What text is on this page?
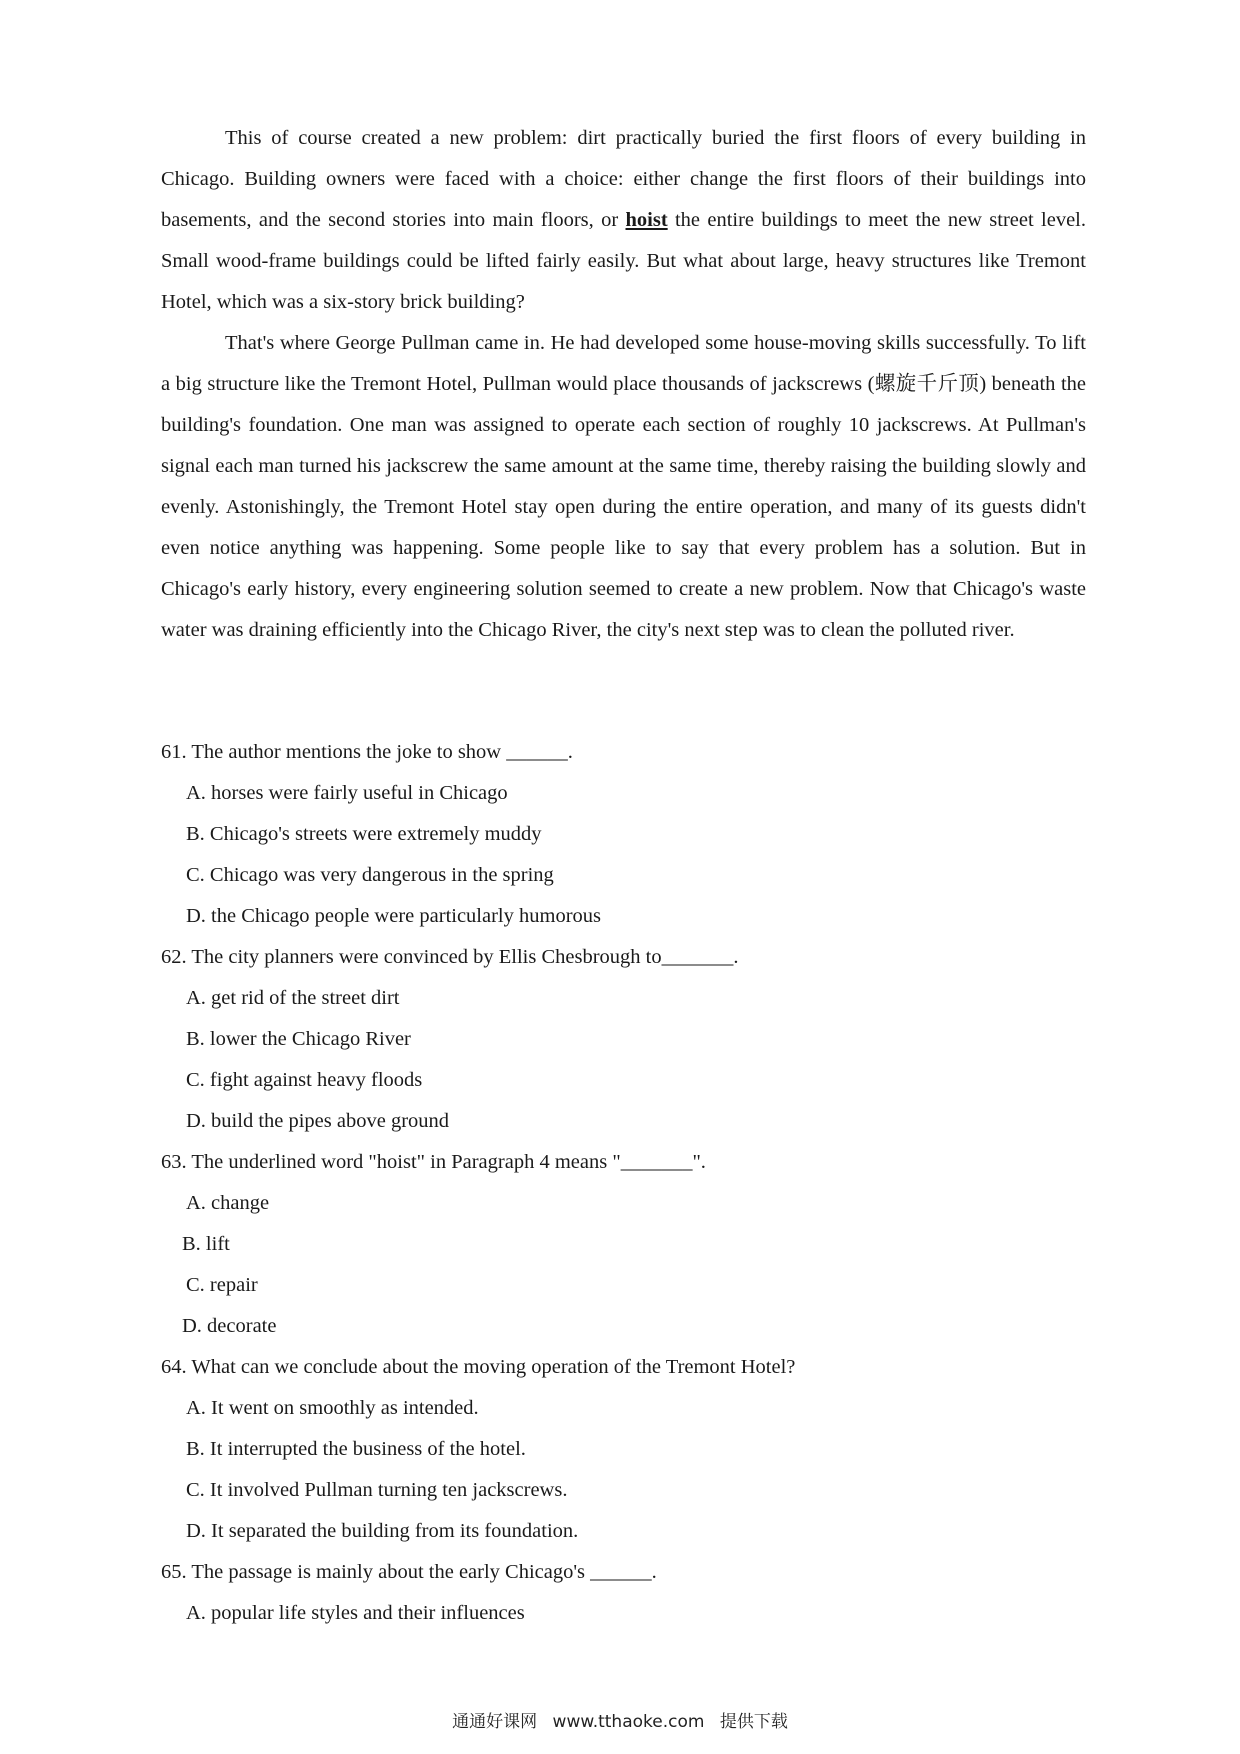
This of course created a new problem: dirt practically buried the first floors of every building in Chicago. Building owners were faced with a choice: either change the first floors of their buildings into basements, and the second stories into main floors, or hoist the entire buildings to meet the new street level. Small wood-frame buildings could be lifted fairly easily. But what about large, heavy structures like Tremont Hotel, which was a six-story brick building?

That's where George Pullman came in. He had developed some house-moving skills successfully. To lift a big structure like the Tremont Hotel, Pullman would place thousands of jackscrews (螺旋千斤顶) beneath the building's foundation. One man was assigned to operate each section of roughly 10 jackscrews. At Pullman's signal each man turned his jackscrew the same amount at the same time, thereby raising the building slowly and evenly. Astonishingly, the Tremont Hotel stay open during the entire operation, and many of its guests didn't even notice anything was happening. Some people like to say that every problem has a solution. But in Chicago's early history, every engineering solution seemed to create a new problem. Now that Chicago's waste water was draining efficiently into the Chicago River, the city's next step was to clean the polluted river.

61. The author mentions the joke to show ______.

A. horses were fairly useful in Chicago

B. Chicago's streets were extremely muddy

C. Chicago was very dangerous in the spring

D. the Chicago people were particularly humorous

62. The city planners were convinced by Ellis Chesbrough to_______.

A. get rid of the street dirt

B. lower the Chicago River

C. fight against heavy floods

D. build the pipes above ground

63. The underlined word "hoist" in Paragraph 4 means "_______".

A. change

B. lift

C. repair

D. decorate

64. What can we conclude about the moving operation of the Tremont Hotel?

A. It went on smoothly as intended.

B. It interrupted the business of the hotel.

C. It involved Pullman turning ten jackscrews.

D. It separated the building from its foundation.

65. The passage is mainly about the early Chicago's ______.

A. popular life styles and their influences

通通好课网 www.tthaoke.com 提供下载
